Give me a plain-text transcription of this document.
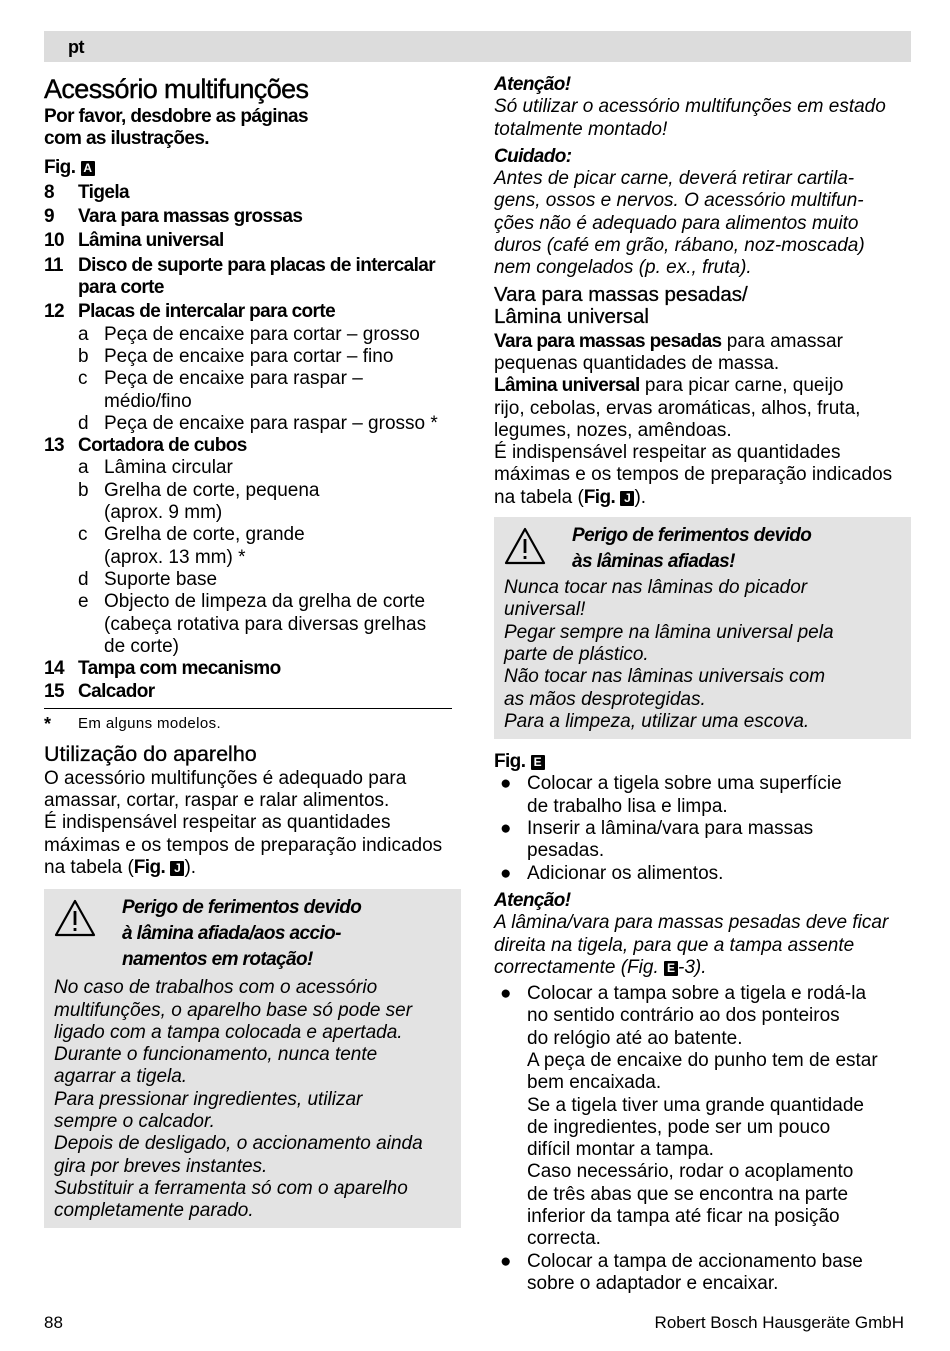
pt
Acessório multifunções

Por favor, desdobre as páginas

com as ilustrações.

Fig. A

8	Tigela
9	Vara para massas grossas
10 Lâmina universal
11 Disco de suporte para placas de intercalar
para corte
12 Placas de intercalar para corte
a Peça de encaixe para cortar – grosso
b Peça de encaixe para cortar – fino
c Peça de encaixe para raspar –
médio/fino
d Peça de encaixe para raspar – grosso *
13 Cortadora de cubos
a Lâmina circular
b Grelha de corte, pequena
(aprox. 9 mm)
c Grelha de corte, grande
(aprox. 13 mm) *
d Suporte base
e Objecto de limpeza da grelha de corte
(cabeça rotativa para diversas grelhas
de corte)
14 Tampa com mecanismo
15 Calcador
*	Em alguns modelos.
Utilização do aparelho

O acessório multifunções é adequado para

amassar, cortar, raspar e ralar alimentos.

É indispensável respeitar as quantidades

máximas e os tempos de preparação indicados

na tabela (Fig. J ).

Perigo de ferimentos devido
à lâmina afiada/aos accio-
namentos em rotação!

No caso de trabalhos com o acessório

multifunções, o aparelho base só pode ser

ligado com a tampa colocada e apertada.

Durante o funcionamento, nunca tente

agarrar a tigela.

Para pressionar ingredientes, utilizar

sempre o calcador.

Depois de desligado, o accionamento ainda

gira por breves instantes.

Substituir a ferramenta só com o aparelho

completamente parado.

Atenção!

Só utilizar o acessório multifunções em estado

totalmente montado!

Cuidado:

Antes de picar carne, deverá retirar cartila-

gens, ossos e nervos. O acessório multifun-

ções não é adequado para alimentos muito

duros (café em grão, rábano, noz-moscada)

nem congelados (p. ex., fruta).

Vara para massas pesadas/
Lâmina universal

Vara para massas pesadas para amassar

pequenas quantidades de massa.

Lâmina universal para picar carne, queijo

rijo, cebolas, ervas aromáticas, alhos, fruta,

legumes, nozes, amêndoas.

É indispensável respeitar as quantidades

máximas e os tempos de preparação indicados

na tabela (Fig. J ).

Perigo de ferimentos devido
às lâminas afiadas!

Nunca tocar nas lâminas do picador

universal!

Pegar sempre na lâmina universal pela

parte de plástico.

Não tocar nas lâminas universais com

as mãos desprotegidas.

Para a limpeza, utilizar uma escova.

Fig. E

● Colocar a tigela sobre uma superfície
de trabalho lisa e limpa.
● Inserir a lâmina/vara para massas
pesadas.
● Adicionar os alimentos.

Atenção!

A lâmina/vara para massas pesadas deve ficar

direita na tigela, para que a tampa assente

correctamente (Fig. E -3).

● Colocar a tampa sobre a tigela e rodá-la
no sentido contrário ao dos ponteiros
do relógio até ao batente.
A peça de encaixe do punho tem de estar
bem encaixada.
Se a tigela tiver uma grande quantidade
de ingredientes, pode ser um pouco
difícil montar a tampa.
Caso necessário, rodar o acoplamento
de três abas que se encontra na parte
inferior da tampa até ficar na posição
correcta.
● Colocar a tampa de accionamento base
sobre o adaptador e encaixar.
88	Robert Bosch Hausgeräte GmbH
